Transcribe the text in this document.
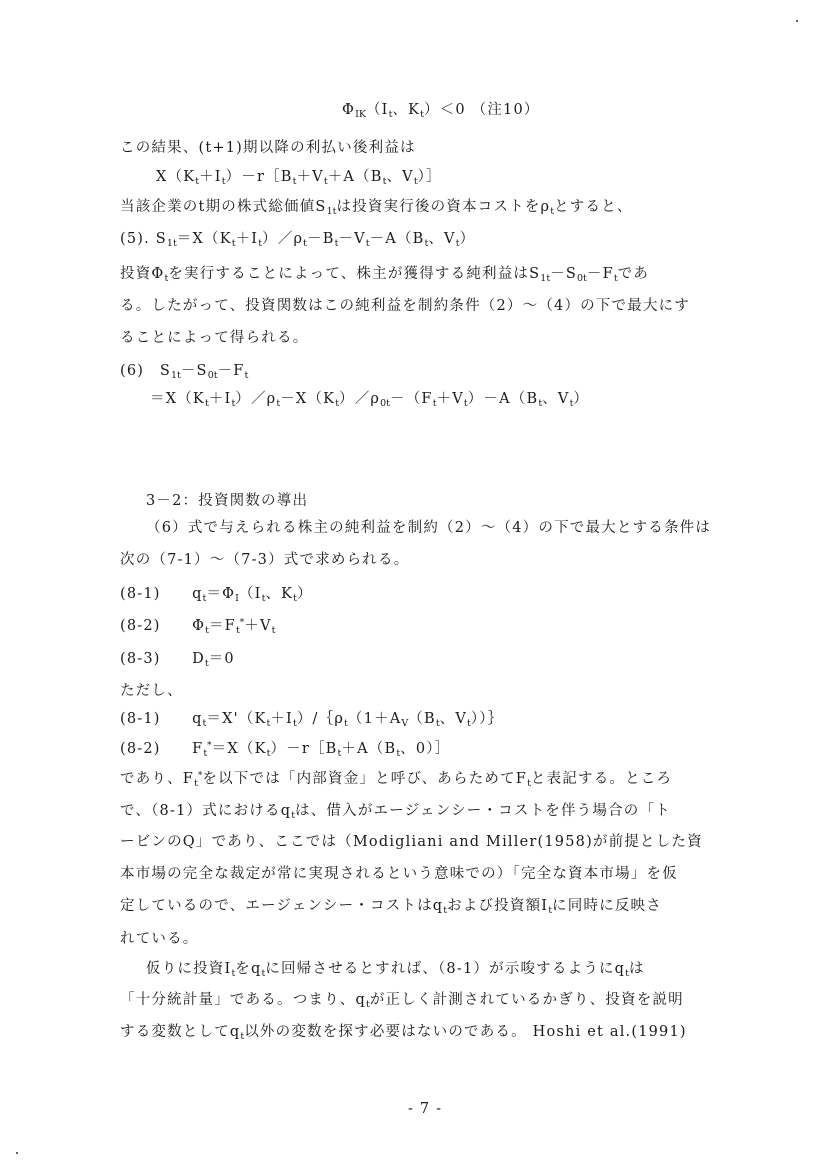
$\Phi_{IK}(I_t$、$K_t)<0$ （注10）
この結果、(t+1)期以降の利払い後利益は
$X(K_t+I_t)-r[B_t+V_t+A(B_t$、$V_t)]$
当該企業のt期の株式総価値$S_{1t}$は投資実行後の資本コストを$\rho_t$とすると、
(5). $S_{1t}=X(K_t+I_t)/\rho_t-B_t-V_t-A(B_t$、$V_t$）
投資$\Phi_t$を実行することによって、株主が獲得する純利益は$S_{1t}-S_{0t}-F_t$であ
る。したがって、投資関数はこの純利益を制約条件（2）～（4）の下で最大にす
ることによって得られる。
(6)　$S_{1t}-S_{0t}-F_t$
$=X(K_t+I_t)/\rho_t-X(K_t)/\rho_{0t}-(F_t+V_t)-A(B_t$、$V_t$）
3－2：投資関数の導出
（6）式で与えられる株主の純利益を制約（2）～（4）の下で最大とする条件は
次の（7-1）～（7-3）式で求められる。
(8-1)　　$q_t=\Phi_I(I_t$、$K_t$）
(8-2)　　$\Phi_t=F_t^*+V_t$
(8-3)　　$D_t=0$
ただし、
(8-1)　　$q_t=X'(K_t+I_t)/\{\rho_t(1+A_V(B_t$、$V_t))\}$
(8-2)　　$F_t^*=X(K_t)-r[B_t+A(B_t$、0）］
であり、$F_t^*$を以下では「内部資金」と呼び、あらためて$F_t$と表記する。ところ
で、（8-1）式における$q_t$は、借入がエージェンシー・コストを伴う場合の「ト
ービンのQ」であり、ここでは（Modigliani and Miller(1958)が前提とした資
本市場の完全な裁定が常に実現されるという意味での）「完全な資本市場」を仮
定しているので、エージェンシー・コストは$q_t$および投資額$I_t$に同時に反映さ
れている。
仮りに投資$I_t$を$q_t$に回帰させるとすれば、（8-1）が示唆するように$q_t$は
「十分統計量」である。つまり、$q_t$が正しく計測されているかぎり、投資を説明
する変数として$q_t$以外の変数を探す必要はないのである。 Hoshi et al.(1991)
- 7 -
